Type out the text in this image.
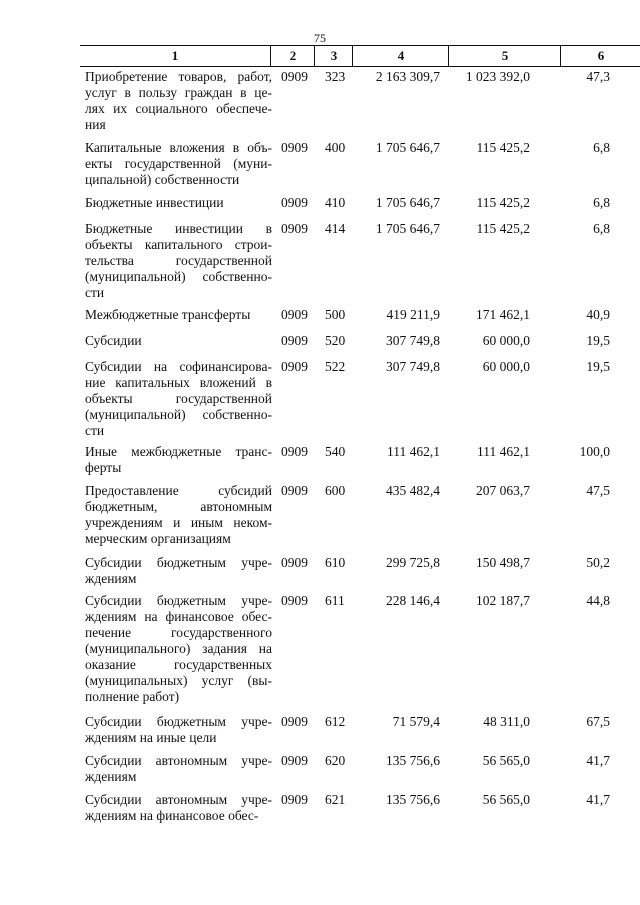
75
1	2	3	4	5	6
Приобретение товаров, работ,
услуг в пользу граждан в це-
лях их социального обеспече-
ния
0909	323	2 163 309,7	1 023 392,0	47,3
Капитальные вложения в объ-
екты государственной (муни-
ципальной) собственности
0909	400	1 705 646,7	115 425,2	6,8
Бюджетные инвестиции	0909	410	1 705 646,7	115 425,2	6,8
Бюджетные инвестиции в
объекты капитального строи-
тельства государственной
(муниципальной) собственно-
сти
0909	414	1 705 646,7	115 425,2	6,8
Межбюджетные трансферты	0909	500	419 211,9	171 462,1	40,9
Субсидии	0909	520	307 749,8	60 000,0	19,5
Субсидии на софинансирова-
ние капитальных вложений в
объекты государственной
(муниципальной) собственно-
сти
0909	522	307 749,8	60 000,0	19,5
Иные межбюджетные транс-
ферты
0909	540	111 462,1	111 462,1	100,0
Предоставление субсидий
бюджетным, автономным
учреждениям и иным неком-
мерческим организациям
0909	600	435 482,4	207 063,7	47,5
Субсидии бюджетным учре-
ждениям
0909	610	299 725,8	150 498,7	50,2
Субсидии бюджетным учре-
ждениям на финансовое обес-
печение государственного
(муниципального) задания на
оказание государственных
(муниципальных) услуг (вы-
полнение работ)
0909	611	228 146,4	102 187,7	44,8
Субсидии бюджетным учре-
ждениям на иные цели
0909	612	71 579,4	48 311,0	67,5
Субсидии автономным учре-
ждениям
0909	620	135 756,6	56 565,0	41,7
Субсидии автономным учре-
ждениям на финансовое обес-
0909	621	135 756,6	56 565,0	41,7
